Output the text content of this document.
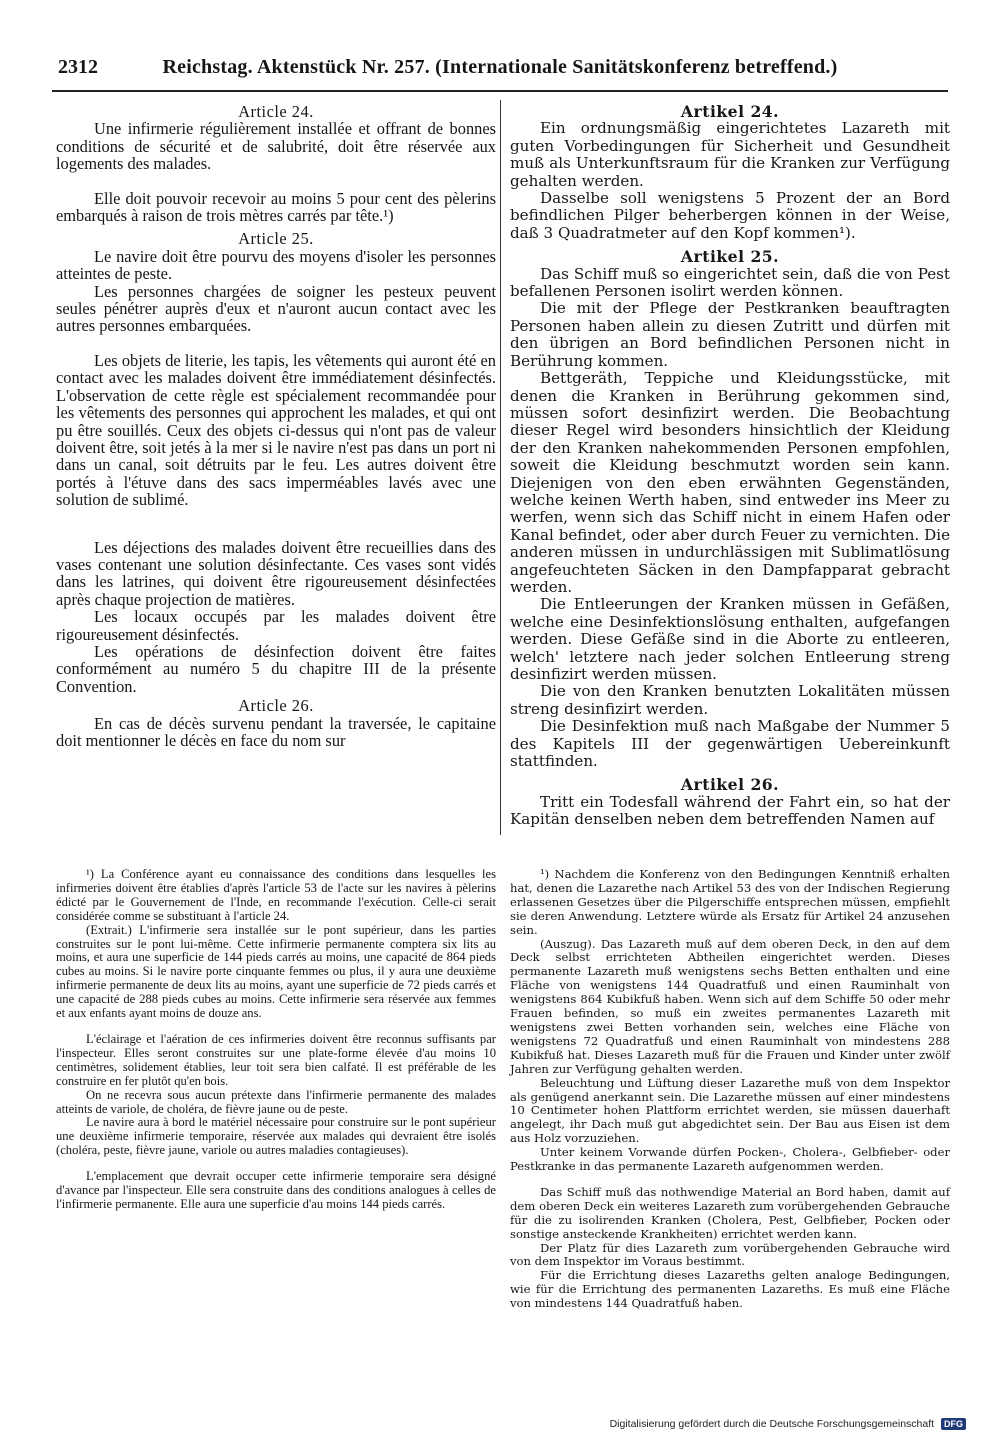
Reichstag. Aktenstück Nr. 257. (Internationale Sanitätskonferenz betreffend.)
2312
Article 24.

Une infirmerie régulièrement installée et offrant de bonnes conditions de sécurité et de salubrité, doit être réservée aux logements des malades.

Elle doit pouvoir recevoir au moins 5 pour cent des pèlerins embarqués à raison de trois mètres carrés par tête.¹)

Article 25.

Le navire doit être pourvu des moyens d'isoler les personnes atteintes de peste.

Les personnes chargées de soigner les pesteux peuvent seules pénétrer auprès d'eux et n'auront aucun contact avec les autres personnes embarquées.

Les objets de literie, les tapis, les vêtements qui auront été en contact avec les malades doivent être immédiatement désinfectés. L'observation de cette règle est spécialement recommandée pour les vêtements des personnes qui approchent les malades, et qui ont pu être souillés. Ceux des objets ci-dessus qui n'ont pas de valeur doivent être, soit jetés à la mer si le navire n'est pas dans un port ni dans un canal, soit détruits par le feu. Les autres doivent être portés à l'étuve dans des sacs imperméables lavés avec une solution de sublimé.

Les déjections des malades doivent être recueillies dans des vases contenant une solution désinfectante. Ces vases sont vidés dans les latrines, qui doivent être rigoureusement désinfectées après chaque projection de matières.

Les locaux occupés par les malades doivent être rigoureusement désinfectés.

Les opérations de désinfection doivent être faites conformément au numéro 5 du chapitre III de la présente Convention.

Article 26.

En cas de décès survenu pendant la traversée, le capitaine doit mentionner le décès en face du nom sur

Artikel 24.

Ein ordnungsmäßig eingerichtetes Lazareth mit guten Vorbedingungen für Sicherheit und Gesundheit muß als Unterkunftsraum für die Kranken zur Verfügung gehalten werden.

Dasselbe soll wenigstens 5 Prozent der an Bord befindlichen Pilger beherbergen können in der Weise, daß 3 Quadratmeter auf den Kopf kommen¹).

Artikel 25.

Das Schiff muß so eingerichtet sein, daß die von Pest befallenen Personen isolirt werden können.

Die mit der Pflege der Pestkranken beauftragten Personen haben allein zu diesen Zutritt und dürfen mit den übrigen an Bord befindlichen Personen nicht in Berührung kommen.

Bettgeräth, Teppiche und Kleidungsstücke, mit denen die Kranken in Berührung gekommen sind, müssen sofort desinfizirt werden. Die Beobachtung dieser Regel wird besonders hinsichtlich der Kleidung der den Kranken nahekommenden Personen empfohlen, soweit die Kleidung beschmutzt worden sein kann. Diejenigen von den eben erwähnten Gegenständen, welche keinen Werth haben, sind entweder ins Meer zu werfen, wenn sich das Schiff nicht in einem Hafen oder Kanal befindet, oder aber durch Feuer zu vernichten. Die anderen müssen in undurchlässigen mit Sublimatlösung angefeuchteten Säcken in den Dampfapparat gebracht werden.

Die Entleerungen der Kranken müssen in Gefäßen, welche eine Desinfektionslösung enthalten, aufgefangen werden. Diese Gefäße sind in die Aborte zu entleeren, welch' letztere nach jeder solchen Entleerung streng desinfizirt werden müssen.

Die von den Kranken benutzten Lokalitäten müssen streng desinfizirt werden.

Die Desinfektion muß nach Maßgabe der Nummer 5 des Kapitels III der gegenwärtigen Uebereinkunft stattfinden.

Artikel 26.

Tritt ein Todesfall während der Fahrt ein, so hat der Kapitän denselben neben dem betreffenden Namen auf

¹) La Conférence ayant eu connaissance des conditions dans lesquelles les infirmeries doivent être établies d'après l'article 53 de l'acte sur les navires à pèlerins édicté par le Gouvernement de l'Inde, en recommande l'exécution. Celle-ci serait considérée comme se substituant à l'article 24.

(Extrait.) L'infirmerie sera installée sur le pont supérieur, dans les parties construites sur le pont lui-même. Cette infirmerie permanente comptera six lits au moins, et aura une superficie de 144 pieds carrés au moins, une capacité de 864 pieds cubes au moins. Si le navire porte cinquante femmes ou plus, il y aura une deuxième infirmerie permanente de deux lits au moins, ayant une superficie de 72 pieds carrés et une capacité de 288 pieds cubes au moins. Cette infirmerie sera réservée aux femmes et aux enfants ayant moins de douze ans.

L'éclairage et l'aération de ces infirmeries doivent être reconnus suffisants par l'inspecteur. Elles seront construites sur une plate-forme élevée d'au moins 10 centimètres, solidement établies, leur toit sera bien calfaté. Il est préférable de les construire en fer plutôt qu'en bois.

On ne recevra sous aucun prétexte dans l'infirmerie permanente des malades atteints de variole, de choléra, de fièvre jaune ou de peste.

Le navire aura à bord le matériel nécessaire pour construire sur le pont supérieur une deuxième infirmerie temporaire, réservée aux malades qui devraient être isolés (choléra, peste, fièvre jaune, variole ou autres maladies contagieuses).

L'emplacement que devrait occuper cette infirmerie temporaire sera désigné d'avance par l'inspecteur. Elle sera construite dans des conditions analogues à celles de l'infirmerie permanente. Elle aura une superficie d'au moins 144 pieds carrés.

¹) Nachdem die Konferenz von den Bedingungen Kenntniß erhalten hat, denen die Lazarethe nach Artikel 53 des von der Indischen Regierung erlassenen Gesetzes über die Pilgerschiffe entsprechen müssen, empfiehlt sie deren Anwendung. Letztere würde als Ersatz für Artikel 24 anzusehen sein.

(Auszug). Das Lazareth muß auf dem oberen Deck, in den auf dem Deck selbst errichteten Abtheilen eingerichtet werden. Dieses permanente Lazareth muß wenigstens sechs Betten enthalten und eine Fläche von wenigstens 144 Quadratfuß und einen Rauminhalt von wenigstens 864 Kubikfuß haben. Wenn sich auf dem Schiffe 50 oder mehr Frauen befinden, so muß ein zweites permanentes Lazareth mit wenigstens zwei Betten vorhanden sein, welches eine Fläche von wenigstens 72 Quadratfuß und einen Rauminhalt von mindestens 288 Kubikfuß hat. Dieses Lazareth muß für die Frauen und Kinder unter zwölf Jahren zur Verfügung gehalten werden.

Beleuchtung und Lüftung dieser Lazarethe muß von dem Inspektor als genügend anerkannt sein. Die Lazarethe müssen auf einer mindestens 10 Centimeter hohen Plattform errichtet werden, sie müssen dauerhaft angelegt, ihr Dach muß gut abgedichtet sein. Der Bau aus Eisen ist dem aus Holz vorzuziehen.

Unter keinem Vorwande dürfen Pocken-, Cholera-, Gelbfieber- oder Pestkranke in das permanente Lazareth aufgenommen werden.

Das Schiff muß das nothwendige Material an Bord haben, damit auf dem oberen Deck ein weiteres Lazareth zum vorübergehenden Gebrauche für die zu isolirenden Kranken (Cholera, Pest, Gelbfieber, Pocken oder sonstige ansteckende Krankheiten) errichtet werden kann.

Der Platz für dies Lazareth zum vorübergehenden Gebrauche wird von dem Inspektor im Voraus bestimmt.

Für die Errichtung dieses Lazareths gelten analoge Bedingungen, wie für die Errichtung des permanenten Lazareths. Es muß eine Fläche von mindestens 144 Quadratfuß haben.

Digitalisierung gefördert durch die Deutsche Forschungsgemeinschaft DFG
